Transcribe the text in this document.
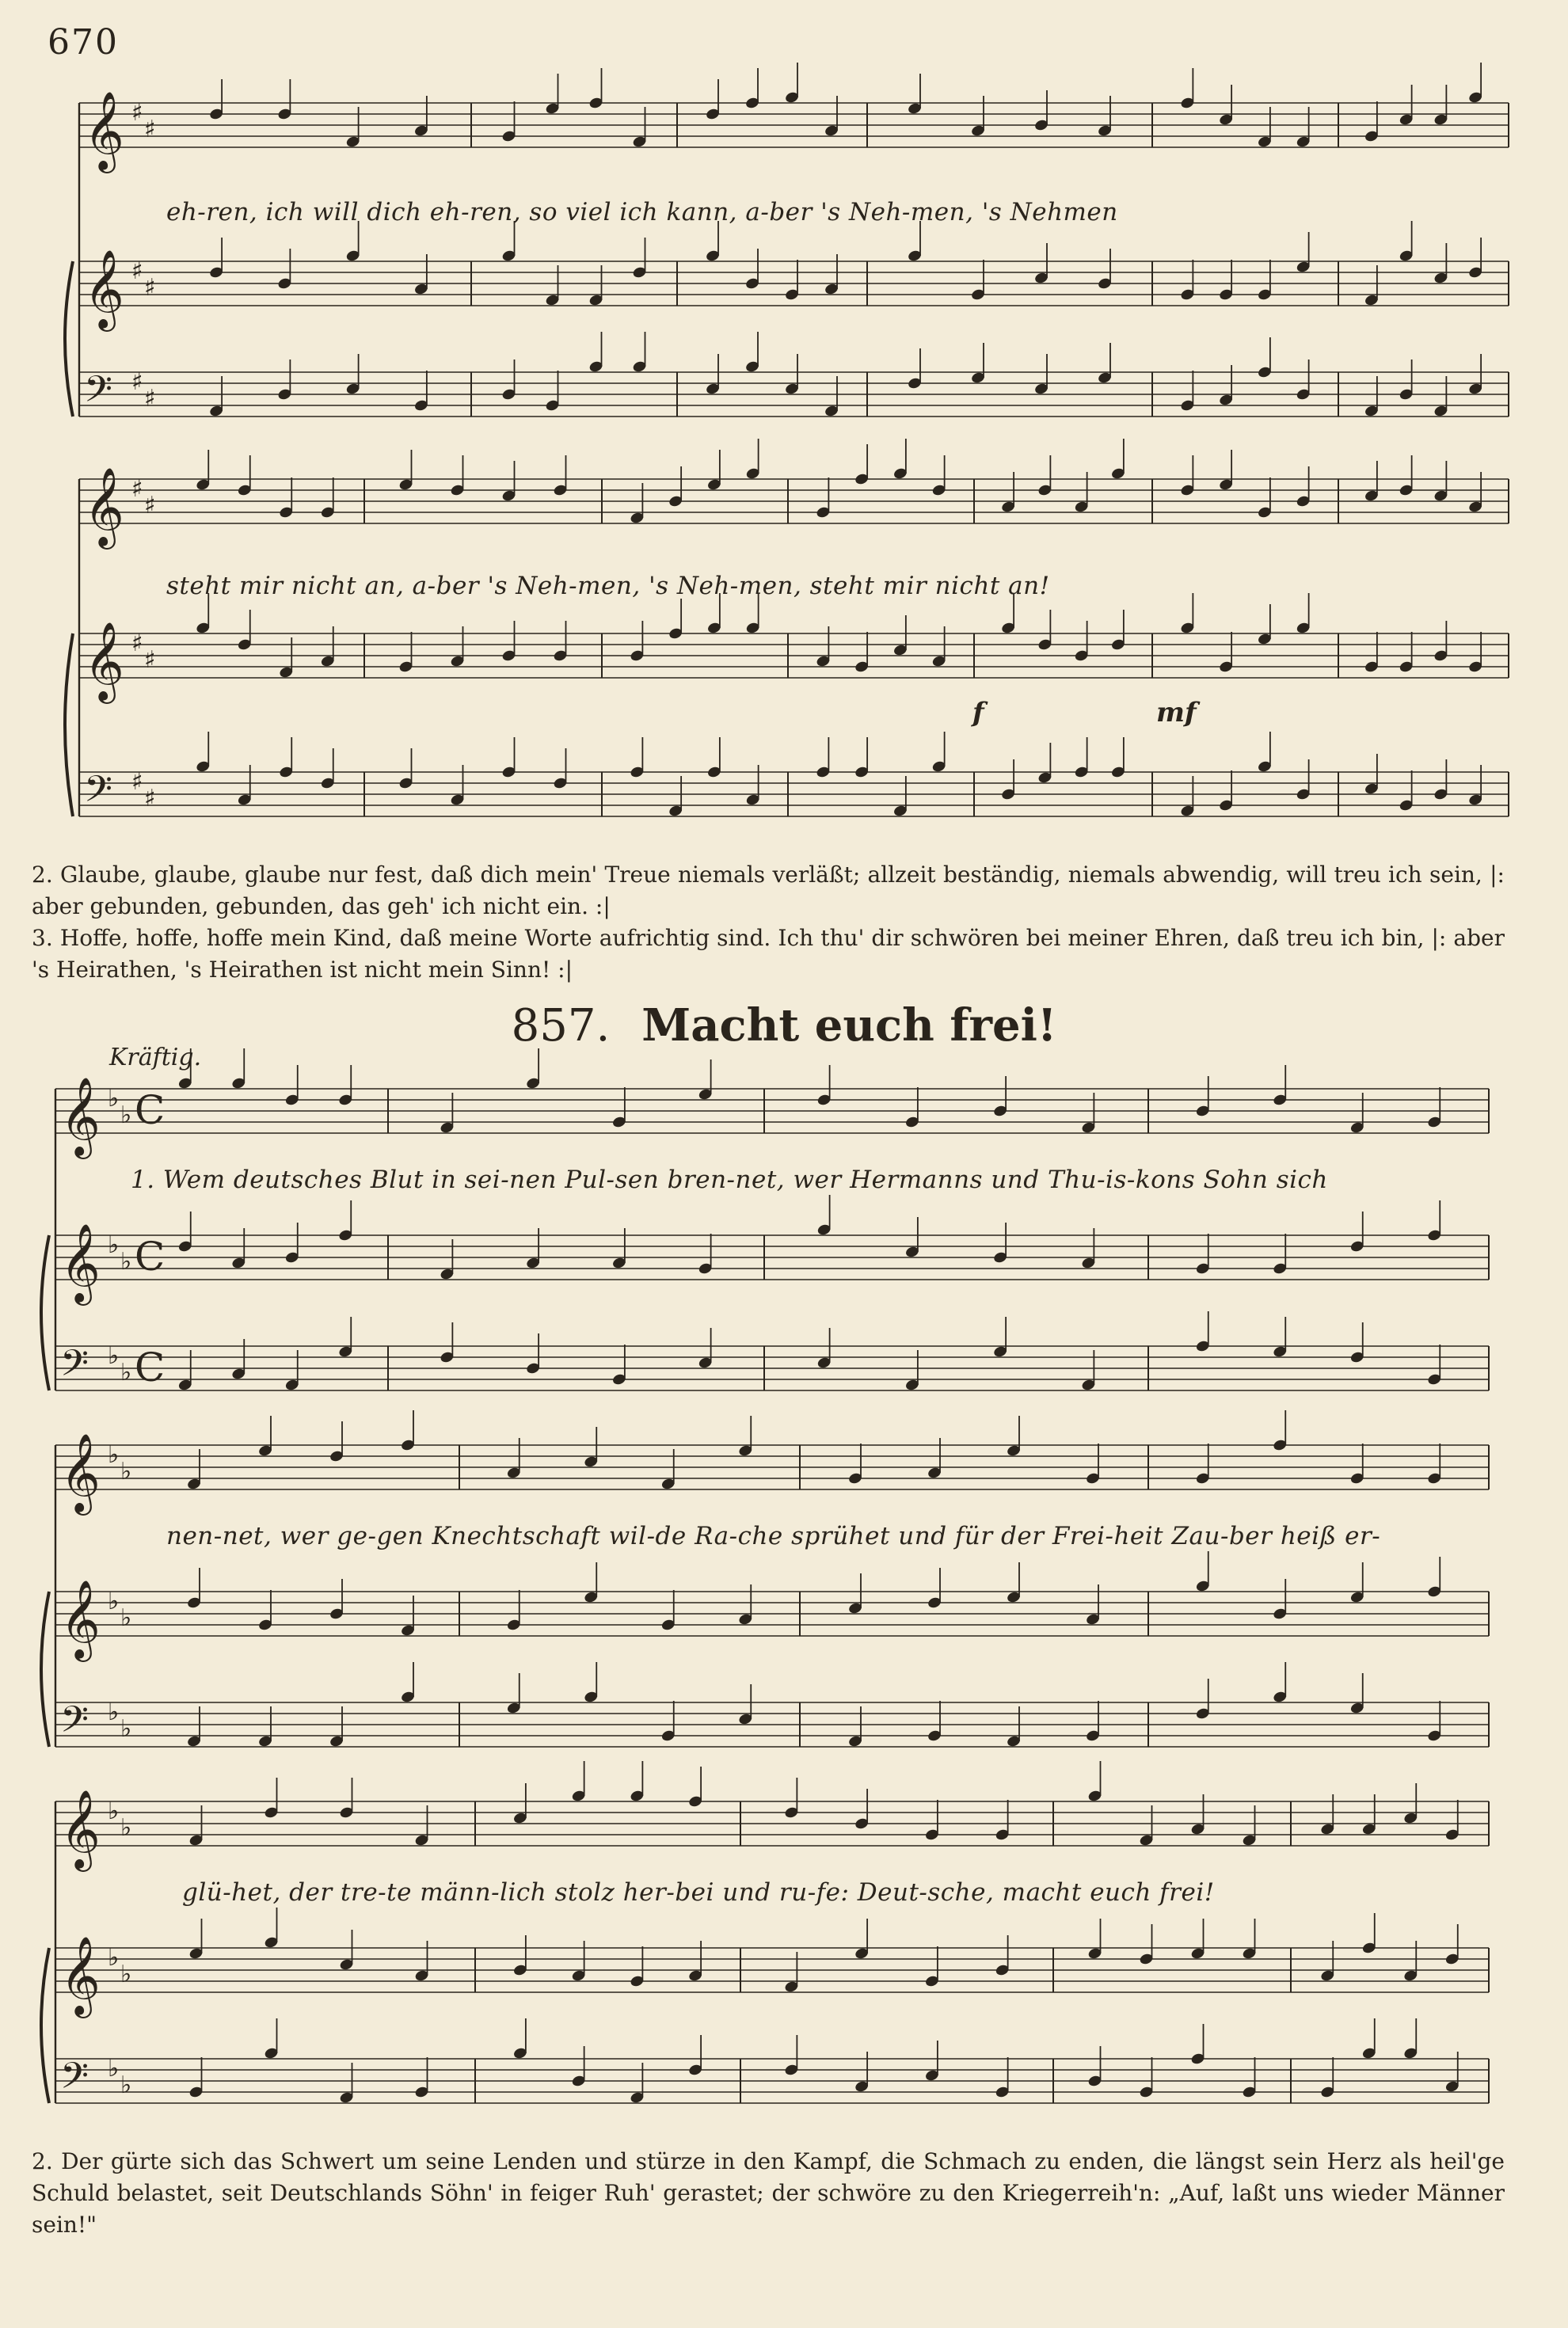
670
𝄞 ♯
♯
𝄞 ♯
♯
𝄢 ♯
♯
𝄞 ♯
♯
𝄞 ♯
♯
𝄢 ♯
♯
𝄞 ♭
♭
𝄞 ♭
♭
𝄢 ♭
♭
𝄞 ♭
♭
𝄞 ♭
♭
𝄢 ♭
♭
𝄞 ♭
♭
𝄞 ♭
♭
𝄢 ♭
♭
C
C
C
eh-ren, ich will dich eh-ren, so viel ich kann, a-ber 's Neh-men, 's Nehmen
steht mir nicht an, a-ber 's Neh-men, 's Neh-men, steht mir nicht an!
f	mf
2. Glaube, glaube, glaube nur fest, daß dich mein' Treue niemals verläßt; allzeit beständig, niemals abwendig, will treu ich sein, |: aber gebunden, gebunden, das geh' ich nicht ein. :|
3. Hoffe, hoffe, hoffe mein Kind, daß meine Worte aufrichtig sind. Ich thu' dir schwören bei meiner Ehren, daß treu ich bin, |: aber 's Heirathen, 's Heirathen ist nicht mein Sinn! :|
857. Macht euch frei!
Kräftig.
1. Wem deutsches Blut in sei-nen Pul-sen bren-net, wer Hermanns und Thu-is-kons Sohn sich
nen-net, wer ge-gen Knechtschaft wil-de Ra-che sprühet und für der Frei-heit Zau-ber heiß er-
glü-het, der tre-te männ-lich stolz her-bei und ru-fe: Deut-sche, macht euch frei!
2. Der gürte sich das Schwert um seine Lenden und stürze in den Kampf, die Schmach zu enden, die längst sein Herz als heil'ge Schuld belastet, seit Deutschlands Söhn' in feiger Ruh' gerastet; der schwöre zu den Kriegerreih'n: „Auf, laßt uns wieder Männer sein!"
